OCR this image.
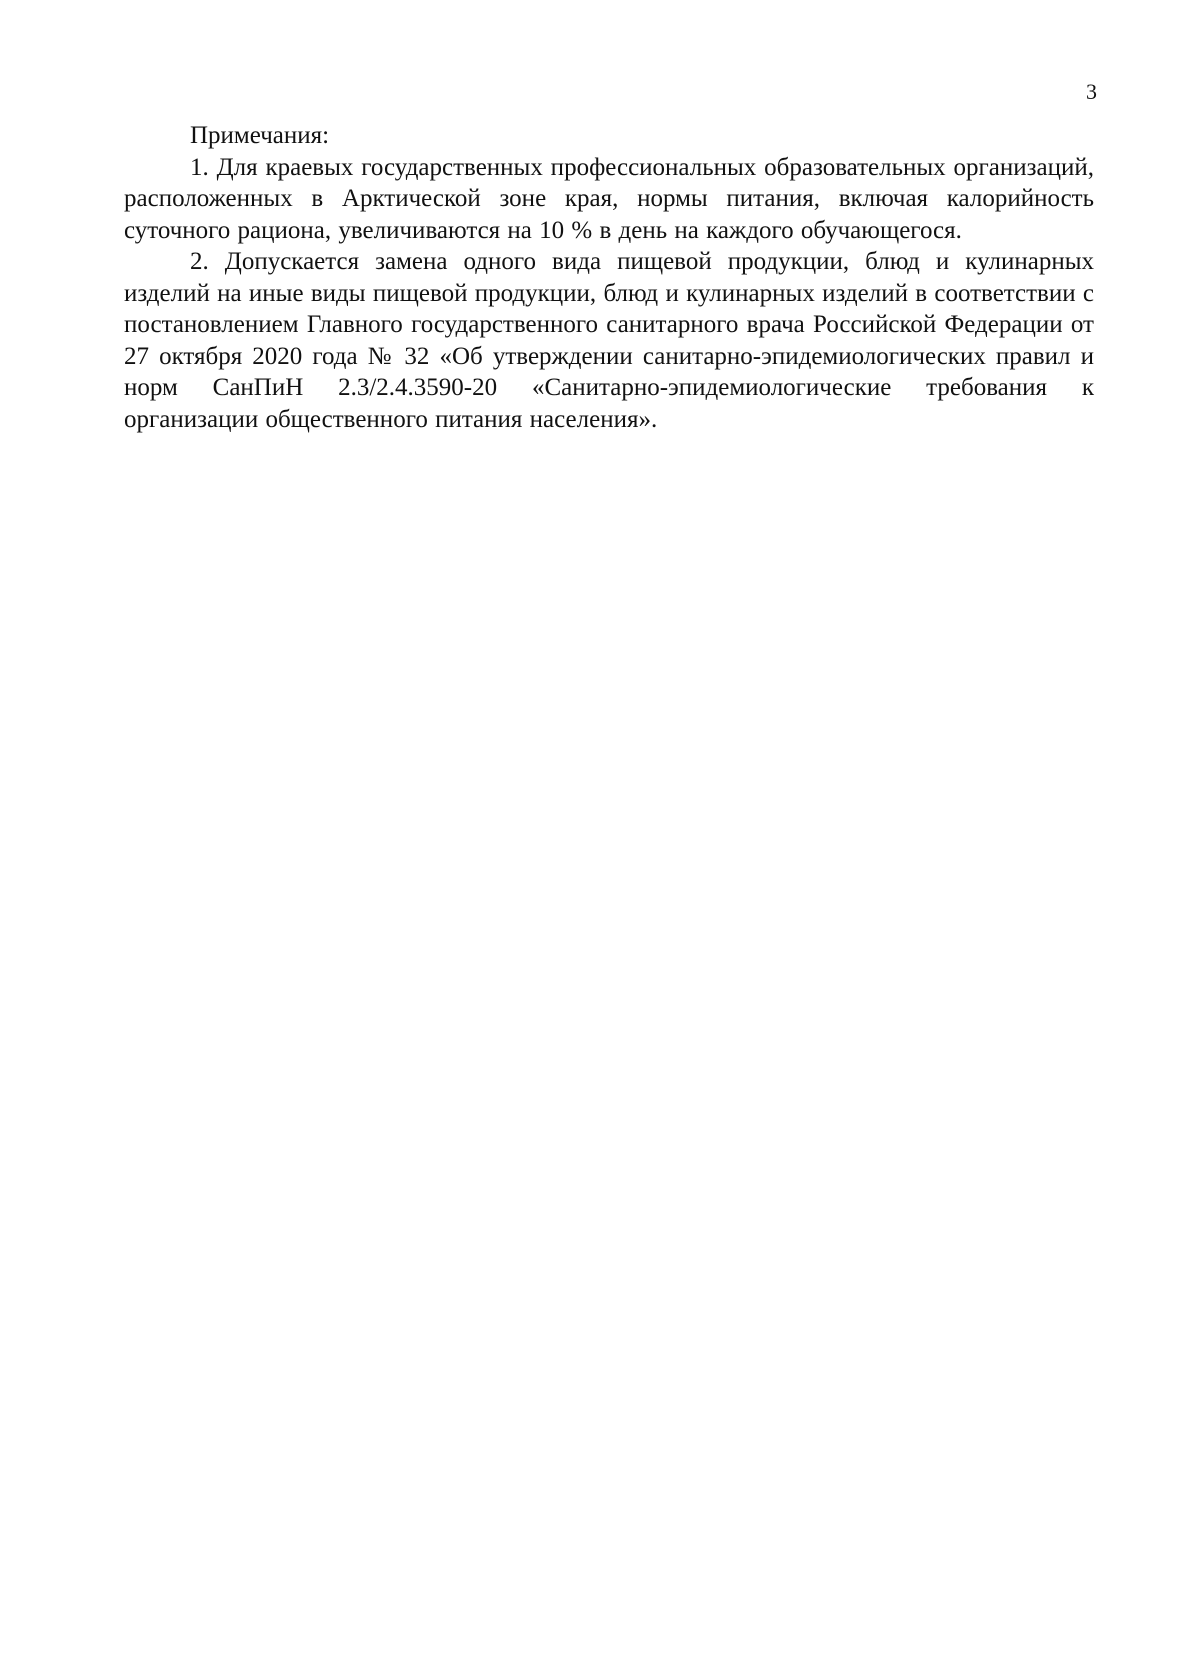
3

Примечания:

1. Для краевых государственных профессиональных образовательных организаций, расположенных в Арктической зоне края, нормы питания, включая калорийность суточного рациона, увеличиваются на 10 % в день на каждого обучающегося.

2. Допускается замена одного вида пищевой продукции, блюд и кулинарных изделий на иные виды пищевой продукции, блюд и кулинарных изделий в соответствии с постановлением Главного государственного санитарного врача Российской Федерации от 27 октября 2020 года № 32 «Об утверждении санитарно-эпидемиологических правил и норм СанПиН 2.3/2.4.3590-20 «Санитарно-эпидемиологические требования к организации общественного питания населения».
